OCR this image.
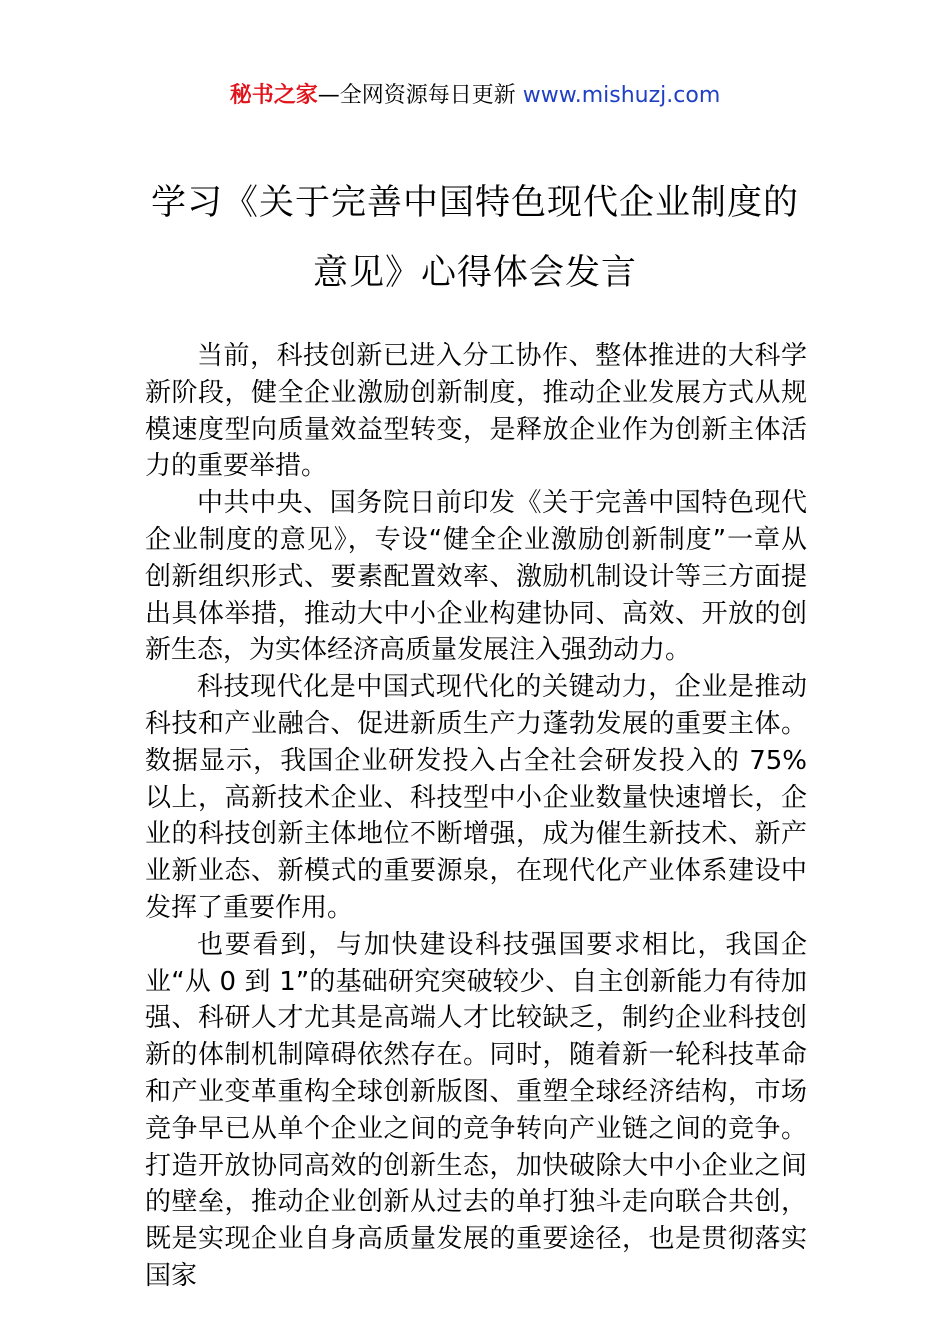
秘书之家—全网资源每日更新 www.mishuzj.com
学习《关于完善中国特色现代企业制度的
意见》心得体会发言

当前，科技创新已进入分工协作、整体推进的大科学新阶段，健全企业激励创新制度，推动企业发展方式从规模速度型向质量效益型转变，是释放企业作为创新主体活力的重要举措。

中共中央、国务院日前印发《关于完善中国特色现代企业制度的意见》，专设“健全企业激励创新制度”一章从创新组织形式、要素配置效率、激励机制设计等三方面提出具体举措，推动大中小企业构建协同、高效、开放的创新生态，为实体经济高质量发展注入强劲动力。

科技现代化是中国式现代化的关键动力，企业是推动科技和产业融合、促进新质生产力蓬勃发展的重要主体。数据显示，我国企业研发投入占全社会研发投入的 75%以上，高新技术企业、科技型中小企业数量快速增长，企业的科技创新主体地位不断增强，成为催生新技术、新产业新业态、新模式的重要源泉，在现代化产业体系建设中发挥了重要作用。

也要看到，与加快建设科技强国要求相比，我国企业“从 0 到 1”的基础研究突破较少、自主创新能力有待加强、科研人才尤其是高端人才比较缺乏，制约企业科技创新的体制机制障碍依然存在。同时，随着新一轮科技革命和产业变革重构全球创新版图、重塑全球经济结构，市场竞争早已从单个企业之间的竞争转向产业链之间的竞争。打造开放协同高效的创新生态，加快破除大中小企业之间的壁垒，推动企业创新从过去的单打独斗走向联合共创，既是实现企业自身高质量发展的重要途径，也是贯彻落实国家
